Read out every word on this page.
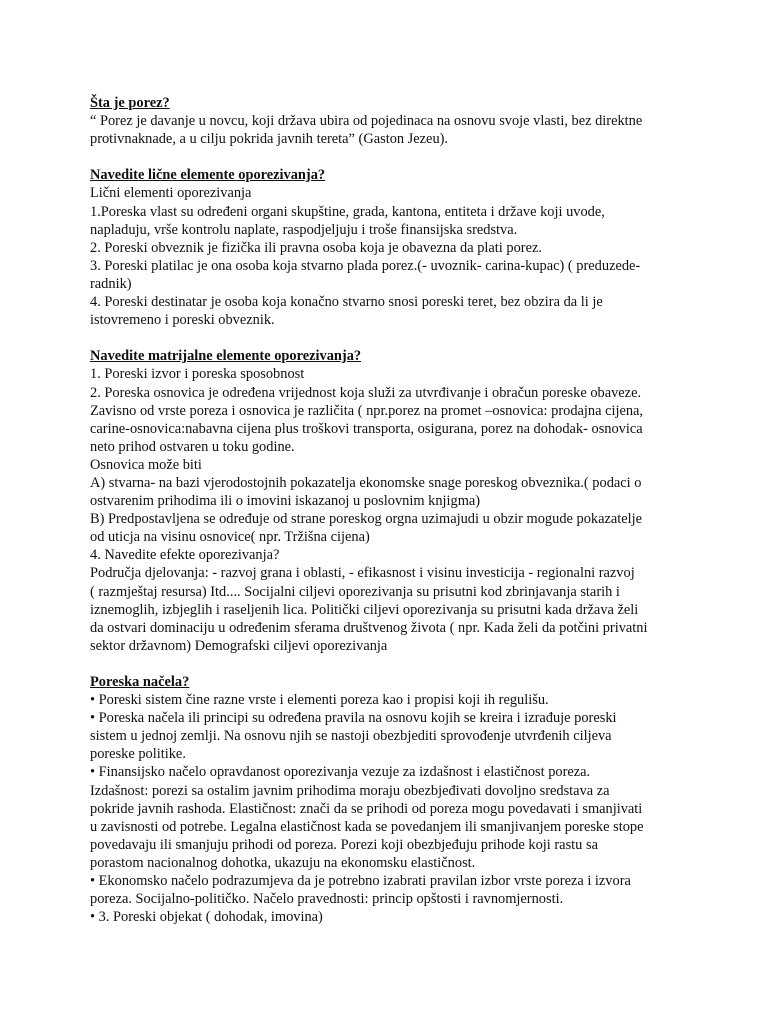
Šta je porez?
“ Porez je davanje u novcu, koji država ubira od pojedinaca na osnovu svoje vlasti, bez direktne
protivnaknade, a u cilju pokrida javnih tereta” (Gaston Jezeu).
Navedite lične elemente oporezivanja?
Lični elementi oporezivanja
1.Poreska vlast su određeni organi skupštine, grada, kantona, entiteta i države koji uvode,
napladuju, vrše kontrolu naplate, raspodjeljuju i troše finansijska sredstva.
2. Poreski obveznik je fizička ili pravna osoba koja je obavezna da plati porez.
3. Poreski platilac je ona osoba koja stvarno plada porez.(- uvoznik- carina-kupac) ( preduzede-
radnik)
4. Poreski destinatar je osoba koja konačno stvarno snosi poreski teret, bez obzira da li je
istovremeno i poreski obveznik.
Navedite matrijalne elemente oporezivanja?
1. Poreski izvor i poreska sposobnost
2. Poreska osnovica je određena vrijednost koja služi za utvrđivanje i obračun poreske obaveze.
Zavisno od vrste poreza i osnovica je različita ( npr.porez na promet –osnovica: prodajna cijena,
carine-osnovica:nabavna cijena plus troškovi transporta, osigurana, porez na dohodak- osnovica
neto prihod ostvaren u toku godine.
Osnovica može biti
A) stvarna- na bazi vjerodostojnih pokazatelja ekonomske snage poreskog obveznika.( podaci o
ostvarenim prihodima ili o imovini iskazanoj u poslovnim knjigma)
B) Predpostavljena se određuje od strane poreskog orgna uzimajudi u obzir mogude pokazatelje
od uticja na visinu osnovice( npr. Tržišna cijena)
4. Navedite efekte oporezivanja?
Područja djelovanja: - razvoj grana i oblasti, - efikasnost i visinu investicija - regionalni razvoj
( razmještaj resursa) Itd.... Socijalni ciljevi oporezivanja su prisutni kod zbrinjavanja starih i
iznemoglih, izbjeglih i raseljenih lica. Politički ciljevi oporezivanja su prisutni kada država želi
da ostvari dominaciju u određenim sferama društvenog života ( npr. Kada želi da potčini privatni
sektor državnom) Demografski ciljevi oporezivanja
Poreska načela?
• Poreski sistem čine razne vrste i elementi poreza kao i propisi koji ih regulišu.
• Poreska načela ili principi su određena pravila na osnovu kojih se kreira i izrađuje poreski
sistem u jednoj zemlji. Na osnovu njih se nastoji obezbjediti sprovođenje utvrđenih ciljeva
poreske politike.
• Finansijsko načelo opravdanost oporezivanja vezuje za izdašnost i elastičnost poreza.
Izdašnost: porezi sa ostalim javnim prihodima moraju obezbjeđivati dovoljno sredstava za
pokride javnih rashoda. Elastičnost: znači da se prihodi od poreza mogu povedavati i smanjivati
u zavisnosti od potrebe. Legalna elastičnost kada se povedanjem ili smanjivanjem poreske stope
povedavaju ili smanjuju prihodi od poreza. Porezi koji obezbjeđuju prihode koji rastu sa
porastom nacionalnog dohotka, ukazuju na ekonomsku elastičnost.
• Ekonomsko načelo podrazumjeva da je potrebno izabrati pravilan izbor vrste poreza i izvora
poreza. Socijalno-političko. Načelo pravednosti: princip opštosti i ravnomjernosti.
• 3. Poreski objekat ( dohodak, imovina)
